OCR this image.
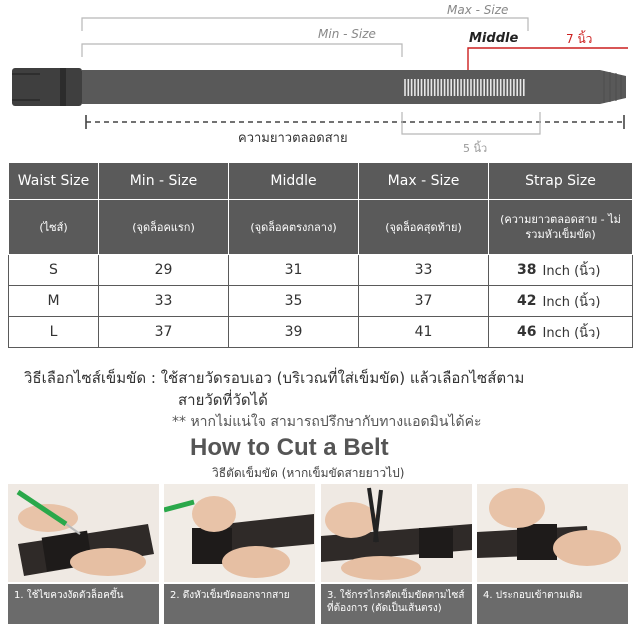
Max - Size
Min - Size	Middle	7 นิ้ว
ความยาวตลอดสาย
5 นิ้ว
Waist Size	Min - Size	Middle	Max - Size	Strap Size	
(ไซส์)	(จุดล็อคแรก)	(จุดล็อคตรงกลาง)	(จุดล็อคสุดท้าย)	(ความยาวตลอดสาย - ไม่รวมหัวเข็มขัด)	
S	29	31	33	38	Inch (นิ้ว)
M	33	35	37	42	Inch (นิ้ว)
L	37	39	41	46	Inch (นิ้ว)
วิธีเลือกไซส์เข็มขัด : ใช้สายวัดรอบเอว (บริเวณที่ใส่เข็มขัด) แล้วเลือกไซส์ตาม
สายวัดที่วัดได้
** หากไม่แน่ใจ สามารถปรึกษากับทางแอดมินได้ค่ะ
How to Cut a Belt
วิธีตัดเข็มขัด (หากเข็มขัดสายยาวไป)
1. ใช้ไขควงงัดตัวล็อคขึ้น	2. ดึงหัวเข็มขัดออกจากสาย	3. ใช้กรรไกรตัดเข็มขัดตามไซส์ที่ต้องการ (ตัดเป็นเส้นตรง)
4. ประกอบเข้าตามเดิม
